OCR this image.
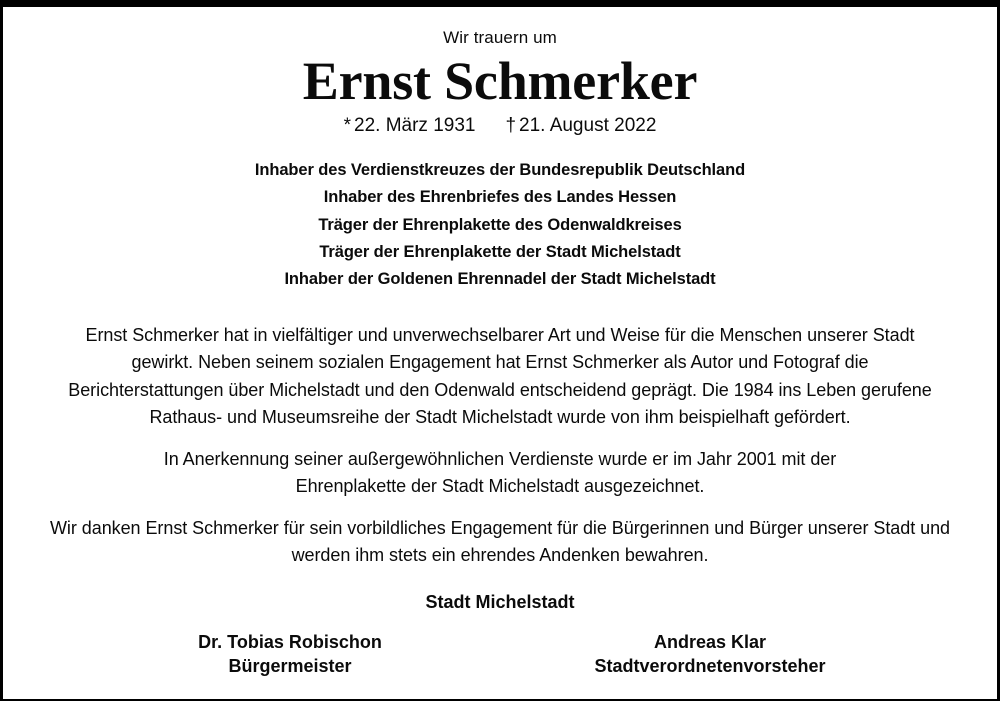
Wir trauern um

Ernst Schmerker

* 22. März 1931 † 21. August 2022

Inhaber des Verdienstkreuzes der Bundesrepublik Deutschland
Inhaber des Ehrenbriefes des Landes Hessen
Träger der Ehrenplakette des Odenwaldkreises
Träger der Ehrenplakette der Stadt Michelstadt
Inhaber der Goldenen Ehrennadel der Stadt Michelstadt

Ernst Schmerker hat in vielfältiger und unverwechselbarer Art und Weise für die Menschen unserer Stadt gewirkt. Neben seinem sozialen Engagement hat Ernst Schmerker als Autor und Fotograf die Berichterstattungen über Michelstadt und den Odenwald entscheidend geprägt. Die 1984 ins Leben gerufene Rathaus- und Museumsreihe der Stadt Michelstadt wurde von ihm beispielhaft gefördert.

In Anerkennung seiner außergewöhnlichen Verdienste wurde er im Jahr 2001 mit der Ehrenplakette der Stadt Michelstadt ausgezeichnet.

Wir danken Ernst Schmerker für sein vorbildliches Engagement für die Bürgerinnen und Bürger unserer Stadt und werden ihm stets ein ehrendes Andenken bewahren.

Stadt Michelstadt

Dr. Tobias Robischon
Bürgermeister
Andreas Klar
Stadtverordnetenvorsteher
